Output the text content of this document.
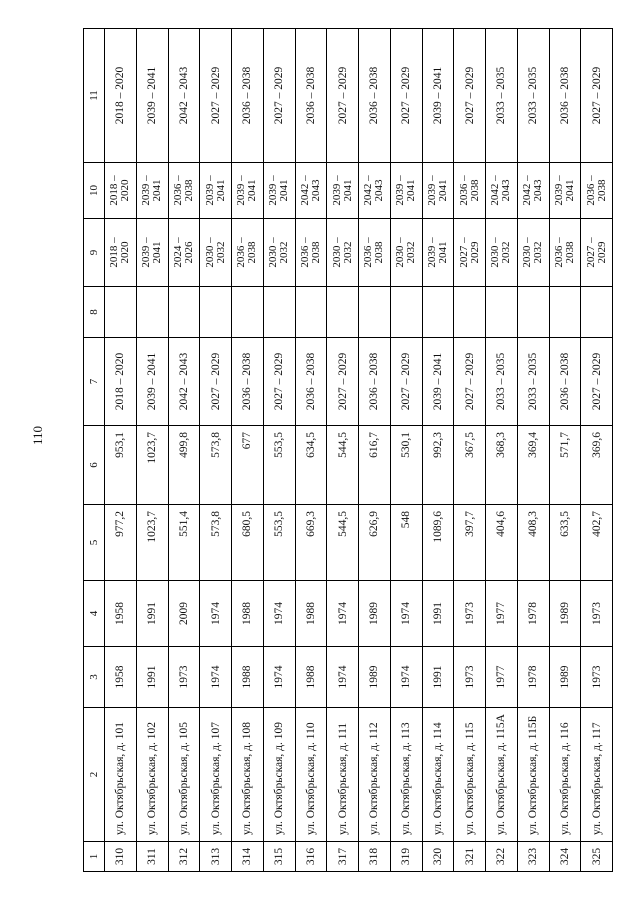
110
1	2	3	4	5	6	7	8	9	10	11
310	ул. Октябрьская, д. 101	1958	1958	977,2	953,1	2018 – 2020		2018 – 2020	2018 – 2020	2018 – 2020
311	ул. Октябрьская, д. 102	1991	1991	1023,7	1023,7	2039 – 2041		2039 – 2041	2039 – 2041	2039 – 2041
312	ул. Октябрьская, д. 105	1973	2009	551,4	499,8	2042 – 2043		2024 – 2026	2036 – 2038	2042 – 2043
313	ул. Октябрьская, д. 107	1974	1974	573,8	573,8	2027 – 2029		2030 – 2032	2039 – 2041	2027 – 2029
314	ул. Октябрьская, д. 108	1988	1988	680,5	677	2036 – 2038		2036 – 2038	2039 – 2041	2036 – 2038
315	ул. Октябрьская, д. 109	1974	1974	553,5	553,5	2027 – 2029		2030 – 2032	2039 – 2041	2027 – 2029
316	ул. Октябрьская, д. 110	1988	1988	669,3	634,5	2036 – 2038		2036 – 2038	2042 – 2043	2036 – 2038
317	ул. Октябрьская, д. 111	1974	1974	544,5	544,5	2027 – 2029		2030 – 2032	2039 – 2041	2027 – 2029
318	ул. Октябрьская, д. 112	1989	1989	626,9	616,7	2036 – 2038		2036 – 2038	2042 – 2043	2036 – 2038
319	ул. Октябрьская, д. 113	1974	1974	548	530,1	2027 – 2029		2030 – 2032	2039 – 2041	2027 – 2029
320	ул. Октябрьская, д. 114	1991	1991	1089,6	992,3	2039 – 2041		2039 – 2041	2039 – 2041	2039 – 2041
321	ул. Октябрьская, д. 115	1973	1973	397,7	367,5	2027 – 2029		2027 – 2029	2036 – 2038	2027 – 2029
322	ул. Октябрьская, д. 115А	1977	1977	404,6	368,3	2033 – 2035		2030 – 2032	2042 – 2043	2033 – 2035
323	ул. Октябрьская, д. 115Б	1978	1978	408,3	369,4	2033 – 2035		2030 – 2032	2042 – 2043	2033 – 2035
324	ул. Октябрьская, д. 116	1989	1989	633,5	571,7	2036 – 2038		2036 – 2038	2039 – 2041	2036 – 2038
325	ул. Октябрьская, д. 117	1973	1973	402,7	369,6	2027 – 2029		2027 – 2029	2036 – 2038	2027 – 2029
